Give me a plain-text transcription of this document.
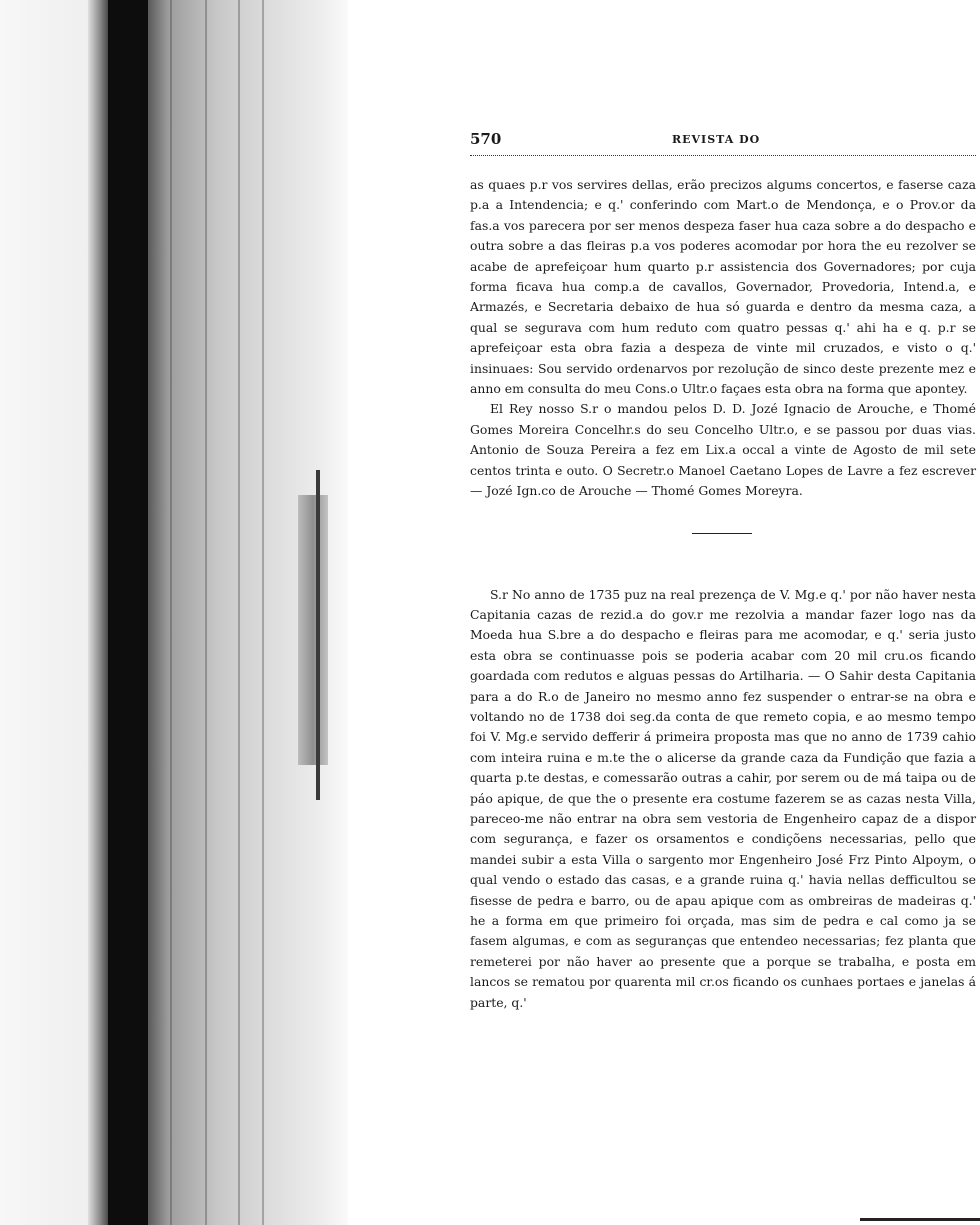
570	REVISTA DO

as quaes p.r vos servires dellas, erão precizos algums concertos, e faserse caza p.a a Intendencia; e q.' conferindo com Mart.o de Mendonça, e o Prov.or da fas.a vos parecera por ser menos despeza faser hua caza sobre a do despacho e outra sobre a das fleiras p.a vos poderes acomodar por hora the eu rezolver se acabe de aprefeiçoar hum quarto p.r assistencia dos Governadores; por cuja forma ficava hua comp.a de cavallos, Governador, Provedoria, Intend.a, e Armazés, e Secretaria debaixo de hua só guarda e dentro da mesma caza, a qual se segurava com hum reduto com quatro pessas q.' ahi ha e q. p.r se aprefeiçoar esta obra fazia a despeza de vinte mil cruzados, e visto o q.' insinuaes: Sou servido ordenarvos por rezolução de sinco deste prezente mez e anno em consulta do meu Cons.o Ultr.o façaes esta obra na forma que apontey.

El Rey nosso S.r o mandou pelos D. D. Jozé Ignacio de Arouche, e Thomé Gomes Moreira Concelhr.s do seu Concelho Ultr.o, e se passou por duas vias. Antonio de Souza Pereira a fez em Lix.a occal a vinte de Agosto de mil sete centos trinta e outo. O Secretr.o Manoel Caetano Lopes de Lavre a fez escrever — Jozé Ign.co de Arouche — Thomé Gomes Moreyra.

S.r No anno de 1735 puz na real prezença de V. Mg.e q.' por não haver nesta Capitania cazas de rezid.a do gov.r me rezolvia a mandar fazer logo nas da Moeda hua S.bre a do despacho e fleiras para me acomodar, e q.' seria justo esta obra se continuasse pois se poderia acabar com 20 mil cru.os ficando goardada com redutos e alguas pessas do Artilharia. — O Sahir desta Capitania para a do R.o de Janeiro no mesmo anno fez suspender o entrar-se na obra e voltando no de 1738 doi seg.da conta de que remeto copia, e ao mesmo tempo foi V. Mg.e servido defferir á primeira proposta mas que no anno de 1739 cahio com inteira ruina e m.te the o alicerse da grande caza da Fundição que fazia a quarta p.te destas, e comessarão outras a cahir, por serem ou de má taipa ou de páo apique, de que the o presente era costume fazerem se as cazas nesta Villa, pareceo-me não entrar na obra sem vestoria de Engenheiro capaz de a dispor com segurança, e fazer os orsamentos e condiçõens necessarias, pello que mandei subir a esta Villa o sargento mor Engenheiro José Frz Pinto Alpoym, o qual vendo o estado das casas, e a grande ruina q.' havia nellas defficultou se fisesse de pedra e barro, ou de apau apique com as ombreiras de madeiras q.' he a forma em que primeiro foi orçada, mas sim de pedra e cal como ja se fasem algumas, e com as seguranças que entendeo necessarias; fez planta que remeterei por não haver ao presente que a porque se trabalha, e posta em lancos se rematou por quarenta mil cr.os ficando os cunhaes portaes e janelas á parte, q.'
